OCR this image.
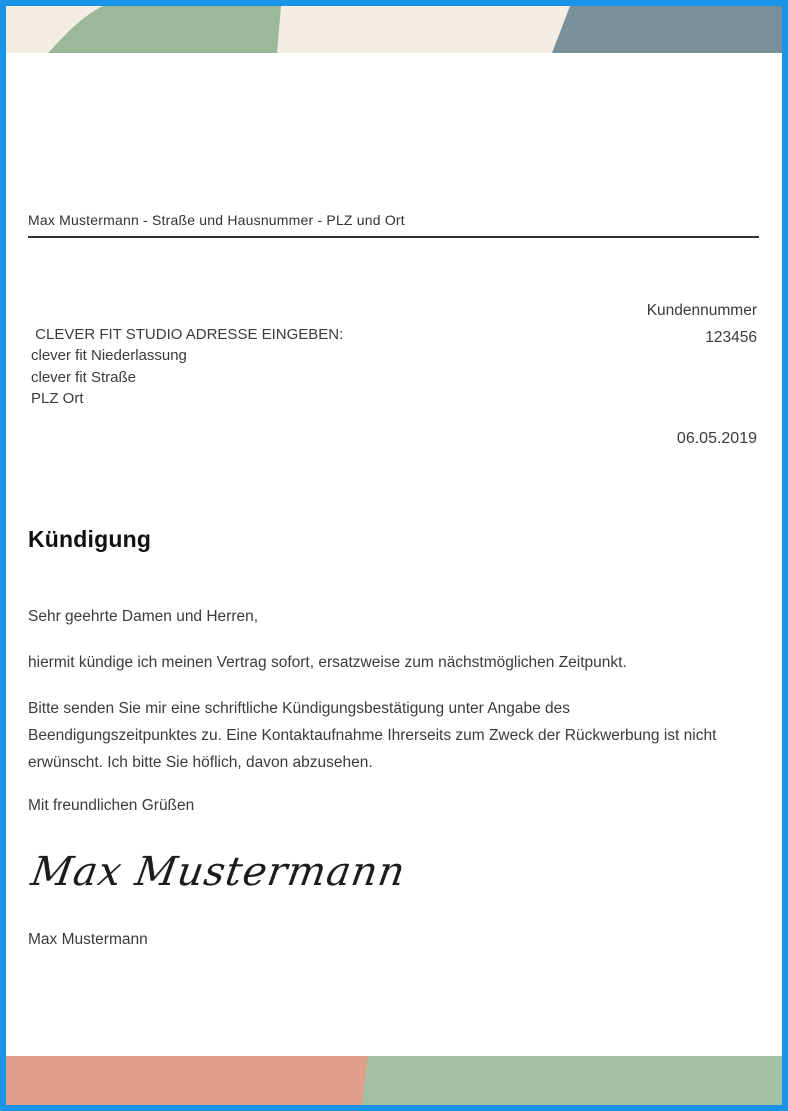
Max Mustermann - Straße und Hausnummer - PLZ und Ort
Kundennummer
123456
CLEVER FIT STUDIO ADRESSE EINGEBEN:
clever fit Niederlassung
clever fit Straße
PLZ Ort
06.05.2019
Kündigung
Sehr geehrte Damen und Herren,
hiermit kündige ich meinen Vertrag sofort, ersatzweise zum nächstmöglichen Zeitpunkt.
Bitte senden Sie mir eine schriftliche Kündigungsbestätigung unter Angabe des
Beendigungszeitpunktes zu. Eine Kontaktaufnahme Ihrerseits zum Zweck der Rückwerbung ist nicht
erwünscht. Ich bitte Sie höflich, davon abzusehen.
Mit freundlichen Grüßen
Max Mustermann
Max Mustermann
